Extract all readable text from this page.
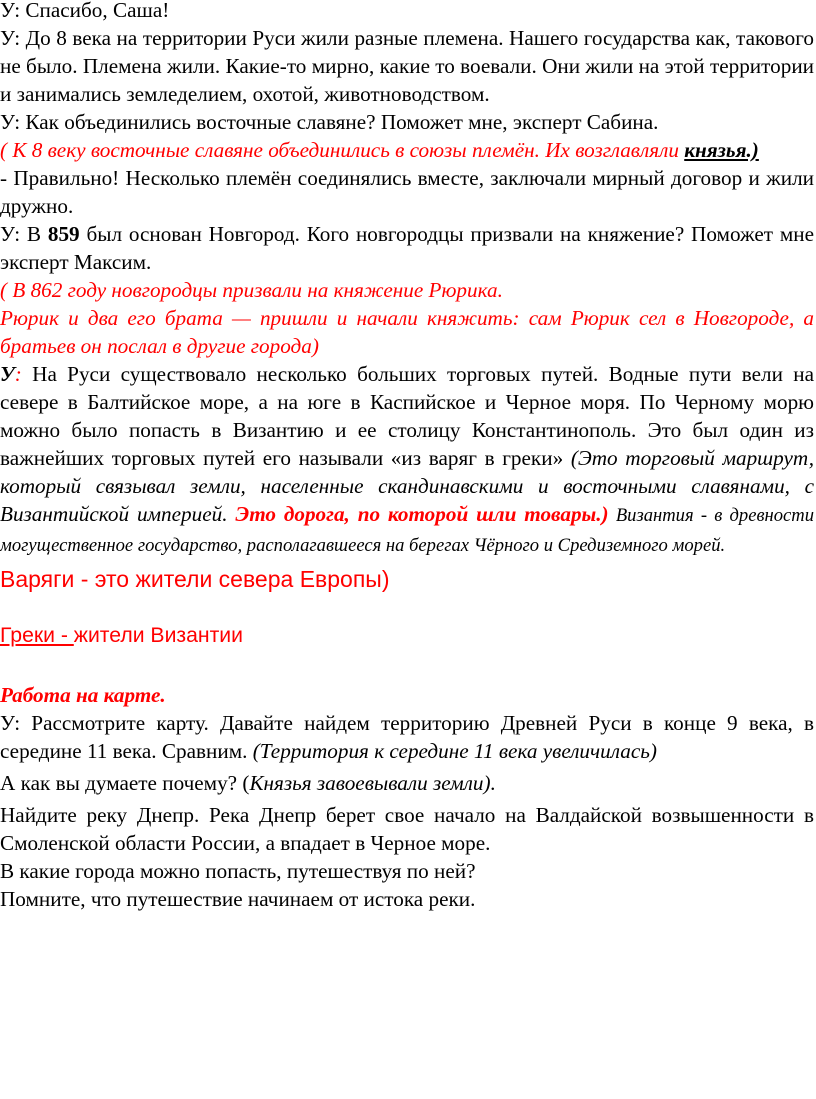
У: Спасибо, Саша!

У: До 8 века на территории Руси жили разные племена. Нашего государства как, такового не было. Племена жили. Какие-то мирно, какие то воевали. Они жили на этой территории и занимались земледелием, охотой, животноводством.

У: Как объединились восточные славяне? Поможет мне, эксперт Сабина.

( К 8 веку восточные славяне объединились в союзы племён. Их возглавляли князья.)

- Правильно! Несколько племён соединялись вместе, заключали мирный договор и жили дружно.

У: В 859 был основан Новгород. Кого новгородцы призвали на княжение? Поможет мне эксперт Максим.

( В 862 году новгородцы призвали на княжение Рюрика.

Рюрик и два его брата — пришли и начали княжить: сам Рюрик сел в Новгороде, а братьев он послал в другие города)

У: На Руси существовало несколько больших торговых путей. Водные пути вели на севере в Балтийское море, а на юге в Каспийское и Черное моря. По Черному морю можно было попасть в Византию и ее столицу Константинополь. Это был один из важнейших торговых путей его называли «из варяг в греки» (Это торговый маршрут, который связывал земли, населенные скандинавскими и восточными славянами, с Византийской империей. Это дорога, по которой шли товары.) Византия - в древности могущественное государство, располагавшееся на берегах Чёрного и Средиземного морей.

Варяги - это жители севера Европы)

Греки - жители Византии

Работа на карте.

У: Рассмотрите карту. Давайте найдем территорию Древней Руси в конце 9 века, в середине 11 века. Сравним. (Территория к середине 11 века увеличилась)

А как вы думаете почему? (Князья завоевывали земли).

Найдите реку Днепр. Река Днепр берет свое начало на Валдайской возвышенности в Смоленской области России, а впадает в Черное море.

В какие города можно попасть, путешествуя по ней?

Помните, что путешествие начинаем от истока реки.
